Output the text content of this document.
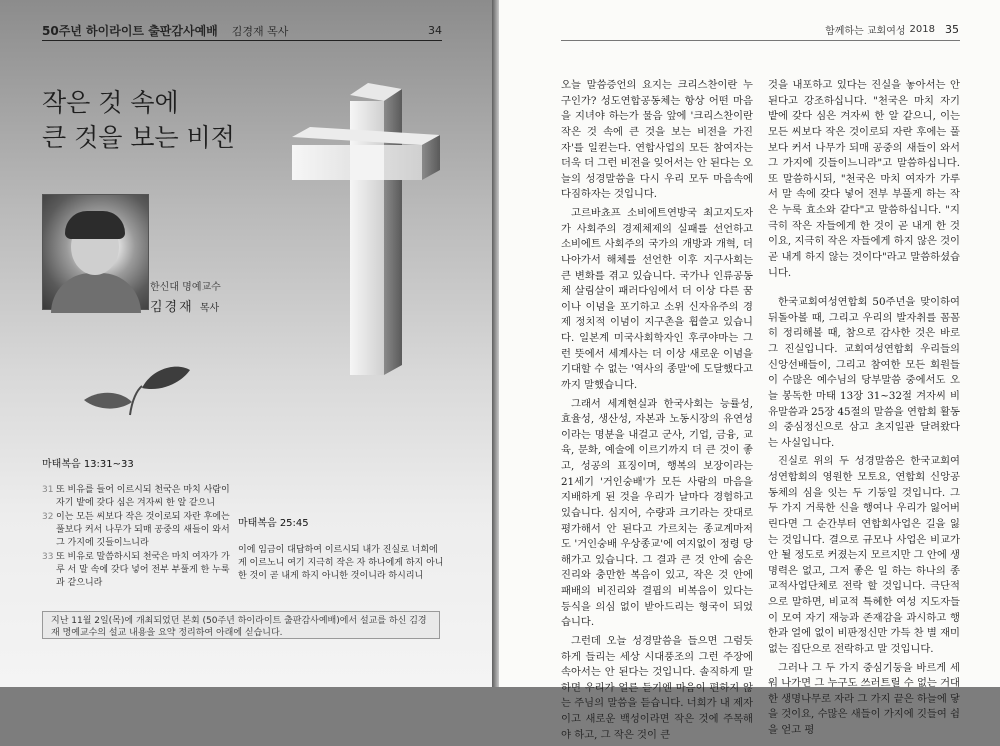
50주년 하이라이트 출판감사예배 김경재 목사	34
작은 것 속에
큰 것을 보는 비전
한신대 명예교수
김경재 목사
마태복음 13:31~33
31 또 비유를 들어 이르시되 천국은 마치 사람이 자기 밭에 갖다 심은 겨자씨 한 알 같으니
32 이는 모든 씨보다 작은 것이로되 자란 후에는 풀보다 커서 나무가 되매 공중의 새들이 와서 그 가지에 깃들이느니라
33 또 비유로 말씀하시되 천국은 마치 여자가 가루 서 말 속에 갖다 넣어 전부 부풀게 한 누룩과 같으니라
마태복음 25:45
이에 임금이 대답하여 이르시되 내가 진실로 너희에게 이르노니 여기 지극히 작은 자 하나에게 하지 아니한 것이 곧 내게 하지 아니한 것이니라 하시리니
지난 11월 2일(목)에 개최되었던 본회 (50주년 하이라이트 출판감사예배)에서 설교를 하신 김경재 명예교수의 설교 내용을 요약 정리하여 아래에 싣습니다.
함께하는 교회여성 2018 35

오늘 말씀증언의 요지는 크리스찬이란 누구인가? 성도연합공동체는 항상 어떤 마음을 지녀야 하는가 물음 앞에 '크리스찬이란 작은 것 속에 큰 것을 보는 비전을 가진 자'를 일컫는다. 연합사업의 모든 참여자는 더욱 더 그런 비전을 잊어서는 안 된다는 오늘의 성경말씀을 다시 우리 모두 마음속에 다짐하자는 것입니다.

고르바쵸프 소비에트연방국 최고지도자가 사회주의 경제체제의 실패를 선언하고 소비에트 사회주의 국가의 개방과 개혁, 더 나아가서 해체를 선언한 이후 지구사회는 큰 변화를 겪고 있습니다. 국가나 인류공동체 살림살이 패러다임에서 더 이상 다른 꿈이나 이념을 포기하고 소위 신자유주의 경제 정치적 이념이 지구촌을 휩쓸고 있습니다. 일본계 미국사회학자인 후쿠야마는 그런 뜻에서 세계사는 더 이상 새로운 이념을 기대할 수 없는 '역사의 종말'에 도달했다고 까지 말했습니다.

그래서 세계현실과 한국사회는 능률성, 효율성, 생산성, 자본과 노동시장의 유연성이라는 명분을 내걸고 군사, 기업, 금융, 교육, 문화, 예술에 이르기까지 더 큰 것이 좋고, 성공의 표징이며, 행복의 보장이라는 21세기 '거인숭배'가 모든 사람의 마음을 지배하게 된 것을 우리가 날마다 경험하고 있습니다. 심지어, 수량과 크기라는 잣대로 평가해서 안 된다고 가르치는 종교계마저도 '거인숭배 우상종교'에 여지없이 정령 당해가고 있습니다. 그 결과 큰 것 안에 숨은 진리와 충만한 복음이 있고, 작은 것 안에 패배의 비진리와 결핍의 비복음이 있다는 등식을 의심 없이 받아드리는 형국이 되었습니다.

그런데 오늘 성경말씀을 들으면 그럼듯하게 들리는 세상 시대풍조의 그런 주장에 속아서는 안 된다는 것입니다. 솔직하게 말하면 우리가 얼른 듣기엔 마음이 편하지 않는 주님의 말씀을 듣습니다. 너희가 내 제자이고 새로운 백성이라면 작은 것에 주목해야 하고, 그 작은 것이 큰

것을 내포하고 있다는 진실을 놓아서는 안 된다고 강조하십니다. "천국은 마치 자기 밭에 갖다 심은 겨자씨 한 알 같으니, 이는 모든 씨보다 작은 것이로되 자란 후에는 풀보다 커서 나무가 되매 공중의 새들이 와서 그 가지에 깃들이느니라"고 말씀하십니다. 또 말씀하시되, "천국은 마치 여자가 가루 서 말 속에 갖다 넣어 전부 부풀게 하는 작은 누룩 효소와 같다"고 말씀하십니다. "지극히 작은 자들에게 한 것이 곧 내게 한 것이요, 지극히 작은 자들에게 하지 않은 것이 곧 내게 하지 않는 것이다"라고 말씀하셨습니다.

한국교회여성연합회 50주년을 맞이하여 뒤돌아볼 때, 그리고 우리의 발자취를 꼼꼼히 정리해볼 때, 참으로 감사한 것은 바로 그 진실입니다. 교회여성연합회 우리들의 신앙선배들이, 그리고 참여한 모든 회원들이 수많은 예수님의 당부말씀 중에서도 오늘 봉독한 마태 13장 31~32절 겨자씨 비유말씀과 25장 45절의 말씀을 연합회 활동의 중심정신으로 삼고 초지일관 달려왔다는 사실입니다.

진실로 위의 두 성경말씀은 한국교회여성연합회의 영원한 모토요, 연합회 신앙공동체의 심을 잇는 두 기둥일 것입니다. 그 두 가지 거룩한 신을 행여나 우리가 잃어버린다면 그 순간부터 연합회사업은 길을 잃는 것입니다. 결으로 규모나 사업은 비교가 안 될 정도로 커졌는지 모르지만 그 안에 생명력은 없고, 그저 좋은 일 하는 하나의 종교적사업단체로 전락 할 것입니다. 극단적으로 말하면, 비교적 특혜한 여성 지도자들이 모여 자기 재능과 존재감을 과시하고 행한과 얼에 없이 비판정신만 가득 찬 별 재미없는 집단으로 전락하고 말 것입니다.

그러나 그 두 가지 중심기둥을 바르게 세워 나가면 그 누구도 쓰러트릴 수 없는 거대한 생명나무로 자라 그 가지 끝은 하늘에 닿을 것이요, 수많은 새들이 가지에 깃들여 쉼을 얻고 평
